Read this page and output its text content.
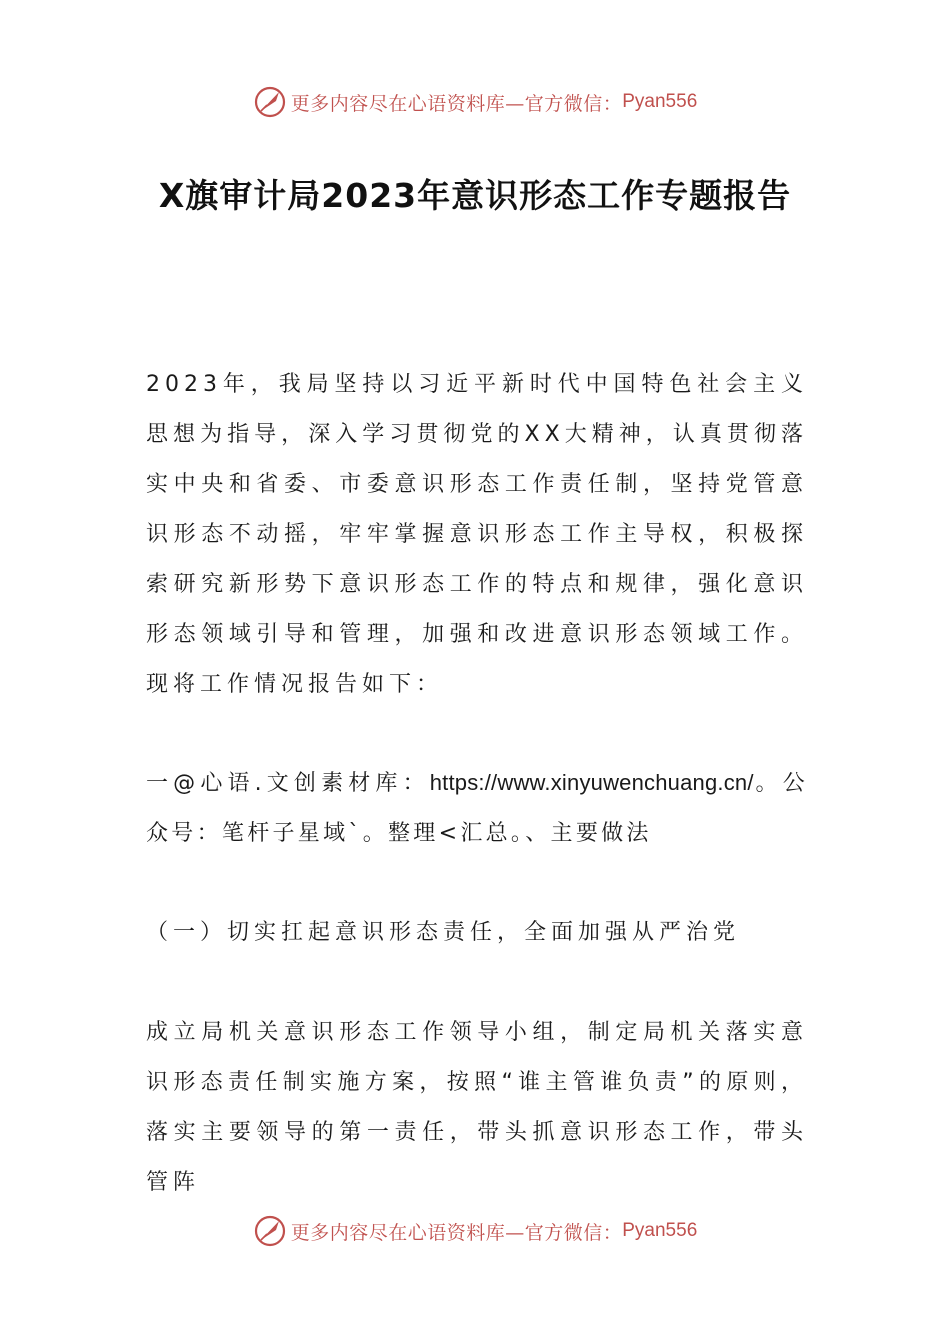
更多内容尽在心语资料库—官方微信： Pyan556
X旗审计局2023年意识形态工作专题报告
2023年，我局坚持以习近平新时代中国特色社会主义思想为指导，深入学习贯彻党的XX大精神，认真贯彻落实中央和省委、市委意识形态工作责任制，坚持党管意识形态不动摇，牢牢掌握意识形态工作主导权，积极探索研究新形势下意识形态工作的特点和规律，强化意识形态领域引导和管理，加强和改进意识形态领域工作。现将工作情况报告如下：
一@心语.文创素材库：https://www.xinyuwenchuang.cn/。公众号：笔杆子星域`。整理<汇总。、主要做法
（一）切实扛起意识形态责任，全面加强从严治党
成立局机关意识形态工作领导小组，制定局机关落实意识形态责任制实施方案，按照“谁主管谁负责”的原则，落实主要领导的第一责任，带头抓意识形态工作，带头管阵
更多内容尽在心语资料库—官方微信： Pyan556
